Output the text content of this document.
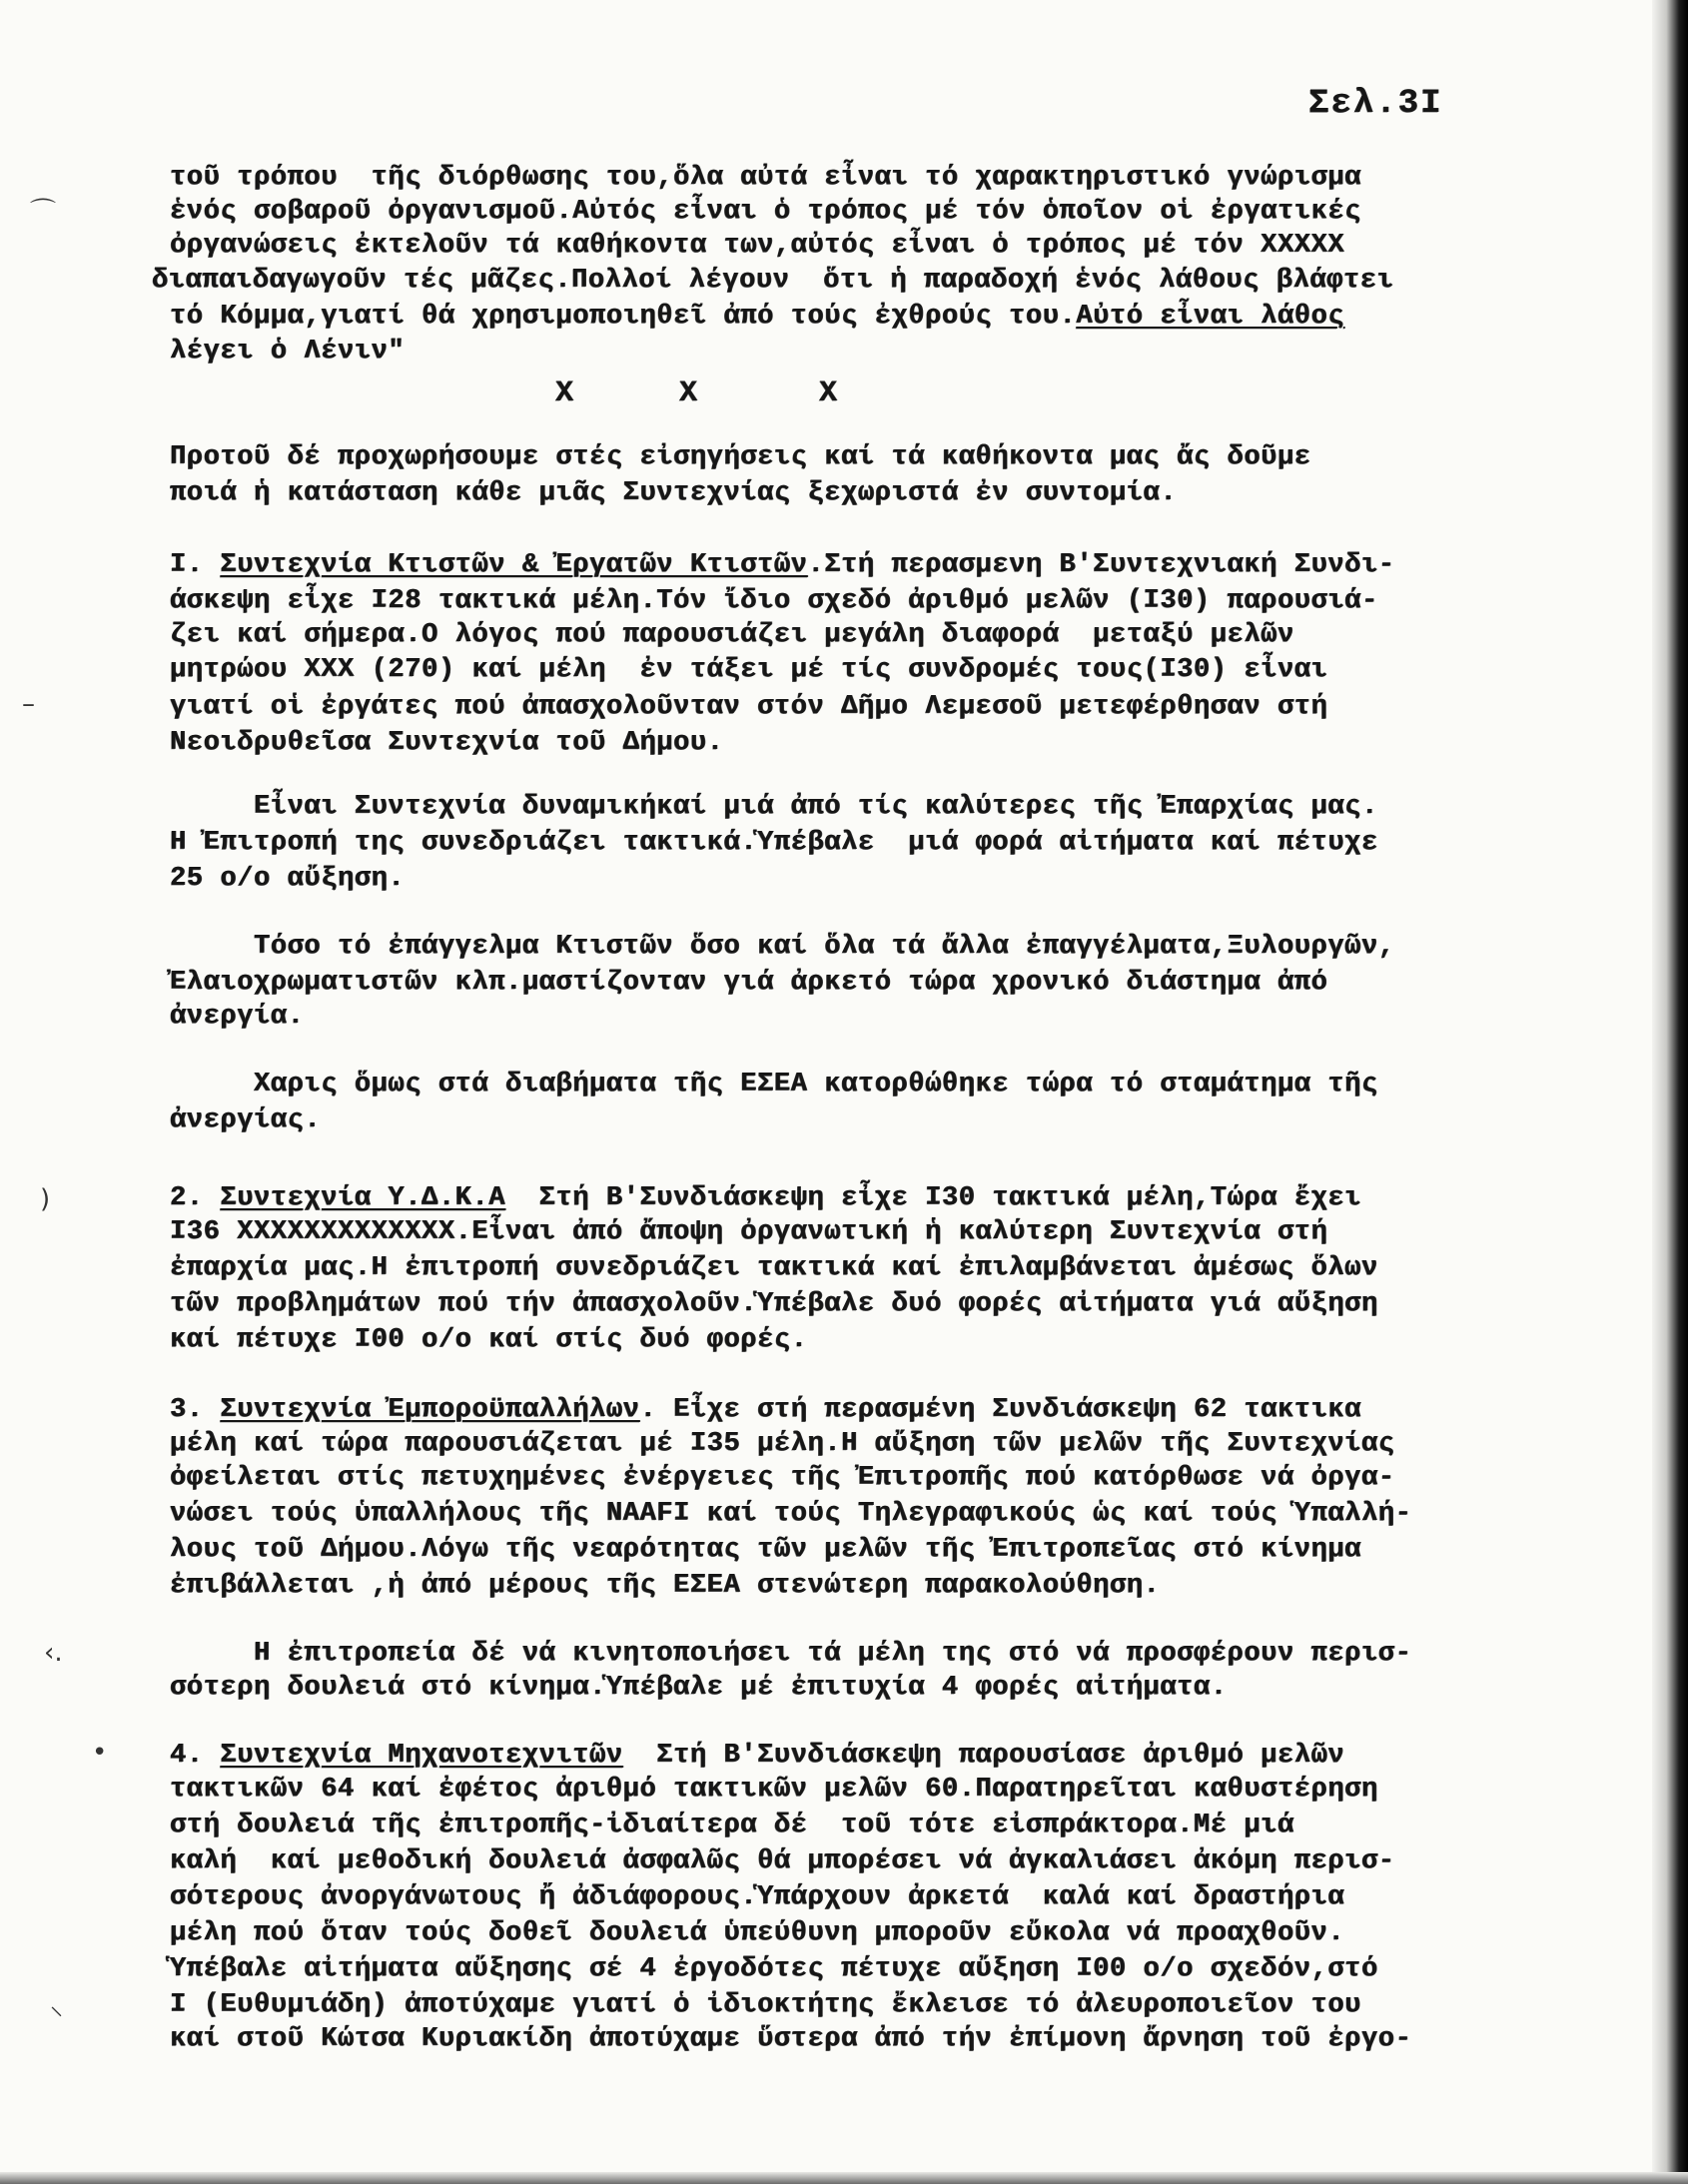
Σελ.3Ι
X	X	X
τοῦ τρόπου  τῆς διόρθωσης του,ὅλα αὐτά εἶναι τό χαρακτηριστικό γνώρισμα
ἑνός σοβαροῦ ὀργανισμοῦ.Αὐτός εἶναι ὁ τρόπος μέ τόν ὁποῖον οἱ ἐργατικές
ὀργανώσεις ἐκτελοῦν τά καθήκοντα των,αὐτός εἶναι ὁ τρόπος μέ τόν ΧΧΧΧΧ
διαπαιδαγωγοῦν τές μᾶζες.Πολλοί λέγουν  ὅτι ἡ παραδοχή ἑνός λάθους βλάφτει
τό Κόμμα,γιατί θά χρησιμοποιηθεῖ ἀπό τούς ἐχθρούς του.Αὐτό εἶναι λάθος
λέγει ὁ Λένιν"
Προτοῦ δέ προχωρήσουμε στές εἰσηγήσεις καί τά καθήκοντα μας ἄς δοῦμε
ποιά ἡ κατάσταση κάθε μιᾶς Συντεχνίας ξεχωριστά ἐν συντομία.
Ι. Συντεχνία Κτιστῶν & Ἐργατῶν Κτιστῶν.Στή περασμενη Β'Συντεχνιακή Συνδι-
άσκεψη εἶχε Ι28 τακτικά μέλη.Τόν ἴδιο σχεδό ἀριθμό μελῶν (Ι30) παρουσιά-
ζει καί σήμερα.Ο λόγος πού παρουσιάζει μεγάλη διαφορά  μεταξύ μελῶν
μητρώου ΧΧΧ (270) καί μέλη  ἐν τάξει μέ τίς συνδρομές τους(Ι30) εἶναι
γιατί οἱ ἐργάτες πού ἀπασχολοῦνταν στόν Δῆμο Λεμεσοῦ μετεφέρθησαν στή
Νεοιδρυθεῖσα Συντεχνία τοῦ Δήμου.
Εἶναι Συντεχνία δυναμικήκαί μιά ἀπό τίς καλύτερες τῆς Ἐπαρχίας μας.
Η Ἐπιτροπή της συνεδριάζει τακτικά.Ὑπέβαλε  μιά φορά αἰτήματα καί πέτυχε
25 ο/ο αὔξηση.
Τόσο τό ἐπάγγελμα Κτιστῶν ὅσο καί ὅλα τά ἄλλα ἐπαγγέλματα,Ξυλουργῶν,
Ἐλαιοχρωματιστῶν κλπ.μαστίζονταν γιά ἀρκετό τώρα χρονικό διάστημα ἀπό
ἀνεργία.
Χαρις ὅμως στά διαβήματα τῆς ΕΣΕΑ κατορθώθηκε τώρα τό σταμάτημα τῆς
ἀνεργίας.
2. Συντεχνία Υ.Δ.Κ.Α  Στή Β'Συνδιάσκεψη εἶχε Ι30 τακτικά μέλη,Τώρα ἔχει
Ι36 ΧΧΧΧΧΧΧΧΧΧΧΧΧ.Εἶναι ἀπό ἄποψη ὀργανωτική ἡ καλύτερη Συντεχνία στή
ἐπαρχία μας.Η ἐπιτροπή συνεδριάζει τακτικά καί ἐπιλαμβάνεται ἀμέσως ὅλων
τῶν προβλημάτων πού τήν ἀπασχολοῦν.Ὑπέβαλε δυό φορές αἰτήματα γιά αὔξηση
καί πέτυχε Ι00 ο/ο καί στίς δυό φορές.
3. Συντεχνία Ἐμποροϋπαλλήλων. Εἶχε στή περασμένη Συνδιάσκεψη 62 τακτικα
μέλη καί τώρα παρουσιάζεται μέ Ι35 μέλη.Η αὔξηση τῶν μελῶν τῆς Συντεχνίας
ὀφείλεται στίς πετυχημένες ἐνέργειες τῆς Ἐπιτροπῆς πού κατόρθωσε νά ὀργα-
νώσει τούς ὑπαλλήλους τῆς ΝΑΑFΙ καί τούς Τηλεγραφικούς ὡς καί τούς Ὑπαλλή-
λους τοῦ Δήμου.Λόγω τῆς νεαρότητας τῶν μελῶν τῆς Ἐπιτροπεῖας στό κίνημα
ἐπιβάλλεται ,ἡ ἀπό μέρους τῆς ΕΣΕΑ στενώτερη παρακολούθηση.
Η ἐπιτροπεία δέ νά κινητοποιήσει τά μέλη της στό νά προσφέρουν περισ-
σότερη δουλειά στό κίνημα.Ὑπέβαλε μέ ἐπιτυχία 4 φορές αἰτήματα.
4. Συντεχνία Μηχανοτεχνιτῶν  Στή Β'Συνδιάσκεψη παρουσίασε ἀριθμό μελῶν
τακτικῶν 64 καί ἐφέτος ἀριθμό τακτικῶν μελῶν 60.Παρατηρεῖται καθυστέρηση
στή δουλειά τῆς ἐπιτροπῆς-ἰδιαίτερα δέ  τοῦ τότε εἰσπράκτορα.Μέ μιά
καλή  καί μεθοδική δουλειά ἀσφαλῶς θά μπορέσει νά ἀγκαλιάσει ἀκόμη περισ-
σότερους ἀνοργάνωτους ἤ ἀδιάφορους.Ὑπάρχουν ἀρκετά  καλά καί δραστήρια
μέλη πού ὅταν τούς δοθεῖ δουλειά ὑπεύθυνη μποροῦν εὔκολα νά προαχθοῦν.
Ὑπέβαλε αἰτήματα αὔξησης σέ 4 ἐργοδότες πέτυχε αὔξηση Ι00 ο/ο σχεδόν,στό
Ι (Ευθυμιάδη) ἀποτύχαμε γιατί ὁ ἰδιοκτήτης ἔκλεισε τό ἀλευροποιεῖον του
καί στοῦ Κώτσα Κυριακίδη ἀποτύχαμε ὕστερα ἀπό τήν ἐπίμονη ἄρνηση τοῦ ἐργο-
⌒
–
)
‹.
•
⸌
